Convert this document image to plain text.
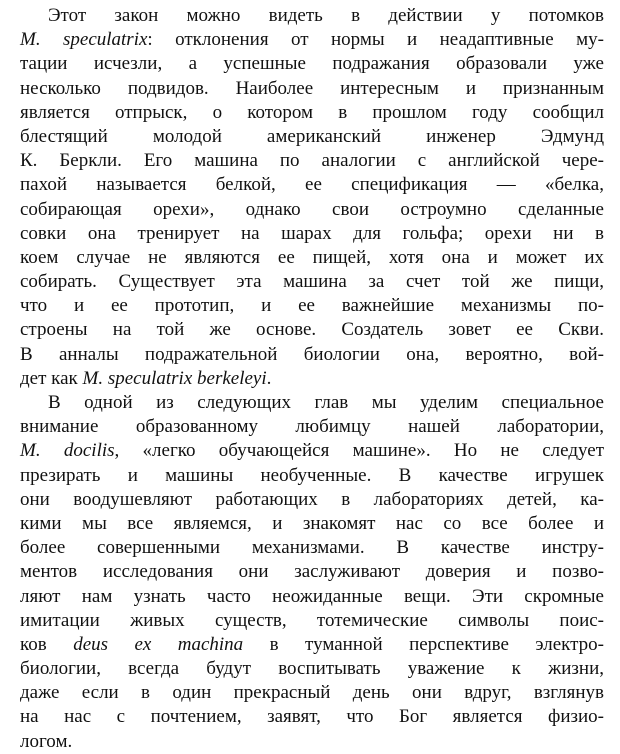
Этот закон можно видеть в действии у потомков
M. speculatrix: отклонения от нормы и неадаптивные му-
тации исчезли, а успешные подражания образовали уже
несколько подвидов. Наиболее интересным и признанным
является отпрыск, о котором в прошлом году сообщил
блестящий молодой американский инженер Эдмунд
К. Беркли. Его машина по аналогии с английской чере-
пахой называется белкой, ее спецификация — «белка,
собирающая орехи», однако свои остроумно сделанные
совки она тренирует на шарах для гольфа; орехи ни в
коем случае не являются ее пищей, хотя она и может их
собирать. Существует эта машина за счет той же пищи,
что и ее прототип, и ее важнейшие механизмы по-
строены на той же основе. Создатель зовет ее Скви.
В анналы подражательной биологии она, вероятно, вой-
дет как M. speculatrix berkeleyi.
В одной из следующих глав мы уделим специальное
внимание образованному любимцу нашей лаборатории,
M. docilis, «легко обучающейся машине». Но не следует
презирать и машины необученные. В качестве игрушек
они воодушевляют работающих в лабораториях детей, ка-
кими мы все являемся, и знакомят нас со все более и
более совершенными механизмами. В качестве инстру-
ментов исследования они заслуживают доверия и позво-
ляют нам узнать часто неожиданные вещи. Эти скромные
имитации живых существ, тотемические символы поис-
ков deus ex machina в туманной перспективе электро-
биологии, всегда будут воспитывать уважение к жизни,
даже если в один прекрасный день они вдруг, взглянув
на нас с почтением, заявят, что Бог является физио-
логом.
